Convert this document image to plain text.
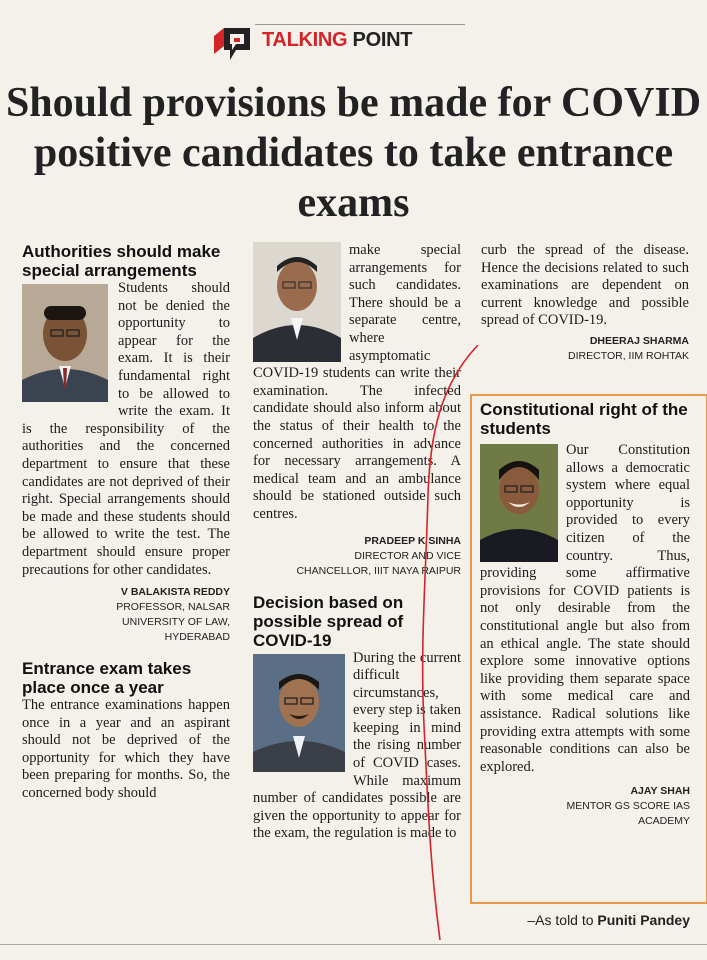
TALKING POINT
Should provisions be made for COVID positive candidates to take entrance exams
Authorities should make special arrangements

Students should not be denied the opportunity to appear for the exam. It is their fundamental right to be allowed to write the exam. It is the responsibility of the authorities and the concerned department to ensure that these candidates are not deprived of their right. Special arrangements should be made and these students should be allowed to write the test. The department should ensure proper precautions for other candidates.

V BALAKISTA REDDY
PROFESSOR, NALSAR UNIVERSITY OF LAW, HYDERABAD
Entrance exam takes place once a year

The entrance examinations happen once in a year and an aspirant should not be deprived of the opportunity for which they have been preparing for months. So, the concerned body should

make special arrangements for such candidates. There should be a separate centre, where asymptomatic COVID-19 students can write their examination. The infected candidate should also inform about the status of their health to the concerned authorities in advance for necessary arrangements. A medical team and an ambulance should be stationed outside such centres.

PRADEEP K SINHA
DIRECTOR AND VICE CHANCELLOR, IIIT NAYA RAIPUR
Decision based on possible spread of COVID-19

During the current difficult circumstances, every step is taken keeping in mind the rising number of COVID cases. While maximum number of candidates possible are given the opportunity to appear for the exam, the regulation is made to

curb the spread of the disease. Hence the decisions related to such examinations are dependent on current knowledge and possible spread of COVID-19.

DHEERAJ SHARMA
DIRECTOR, IIM ROHTAK
Constitutional right of the students

Our Constitution allows a democratic system where equal opportunity is provided to every citizen of the country. Thus, providing some affirmative provisions for COVID patients is not only desirable from the constitutional angle but also from an ethical angle. The state should explore some innovative options like providing them separate space with some medical care and assistance. Radical solutions like providing extra attempts with some reasonable conditions can also be explored.

AJAY SHAH
MENTOR GS SCORE IAS ACADEMY
–As told to Puniti Pandey
